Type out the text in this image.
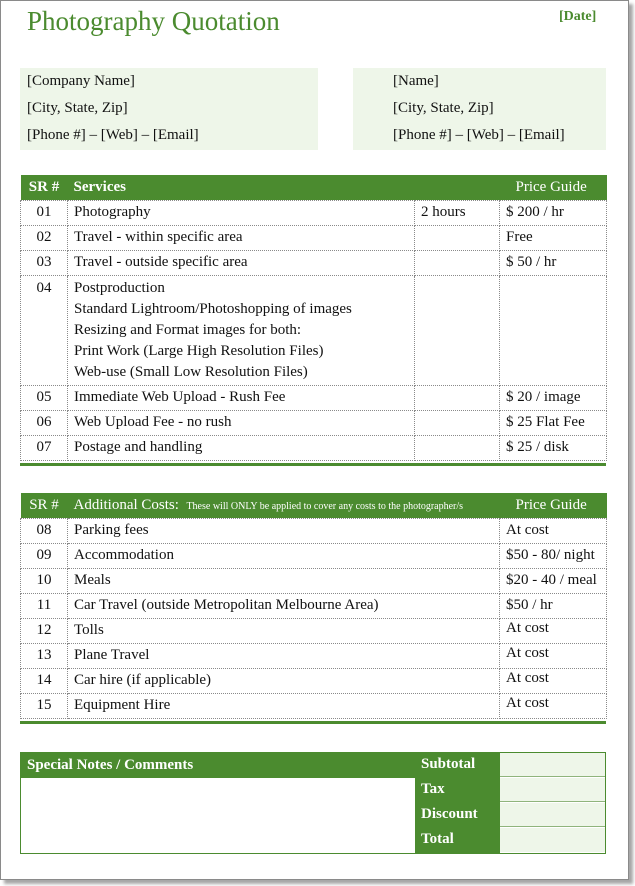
Photography Quotation	[Date]
[Company Name]
[City, State, Zip]
[Phone #] – [Web] – [Email]
[Name]
[City, State, Zip]
[Phone #] – [Web] – [Email]
SR #	Services		Price Guide
01	Photography	2 hours	$ 200 / hr
02	Travel - within specific area		Free
03	Travel - outside specific area		$ 50 / hr
04	Postproduction
Standard Lightroom/Photoshopping of images
Resizing and Format images for both:
Print Work (Large High Resolution Files)
Web-use (Small Low Resolution Files)		

05	Immediate Web Upload - Rush Fee		$ 20 / image
06	Web Upload Fee - no rush		$ 25 Flat Fee
07	Postage and handling		$ 25 / disk
SR #	Additional Costs: These will ONLY be applied to cover any costs to the photographer/s	Price Guide
08	Parking fees	At cost
09	Accommodation	$50 - 80/ night
10	Meals	$20 - 40 / meal
11	Car Travel (outside Metropolitan Melbourne Area)	$50 / hr
12	Tolls	At cost
13	Plane Travel	At cost
14	Car hire (if applicable)	At cost
15	Equipment Hire	At cost
Special Notes / Comments	Subtotal
Tax
Discount
Total
